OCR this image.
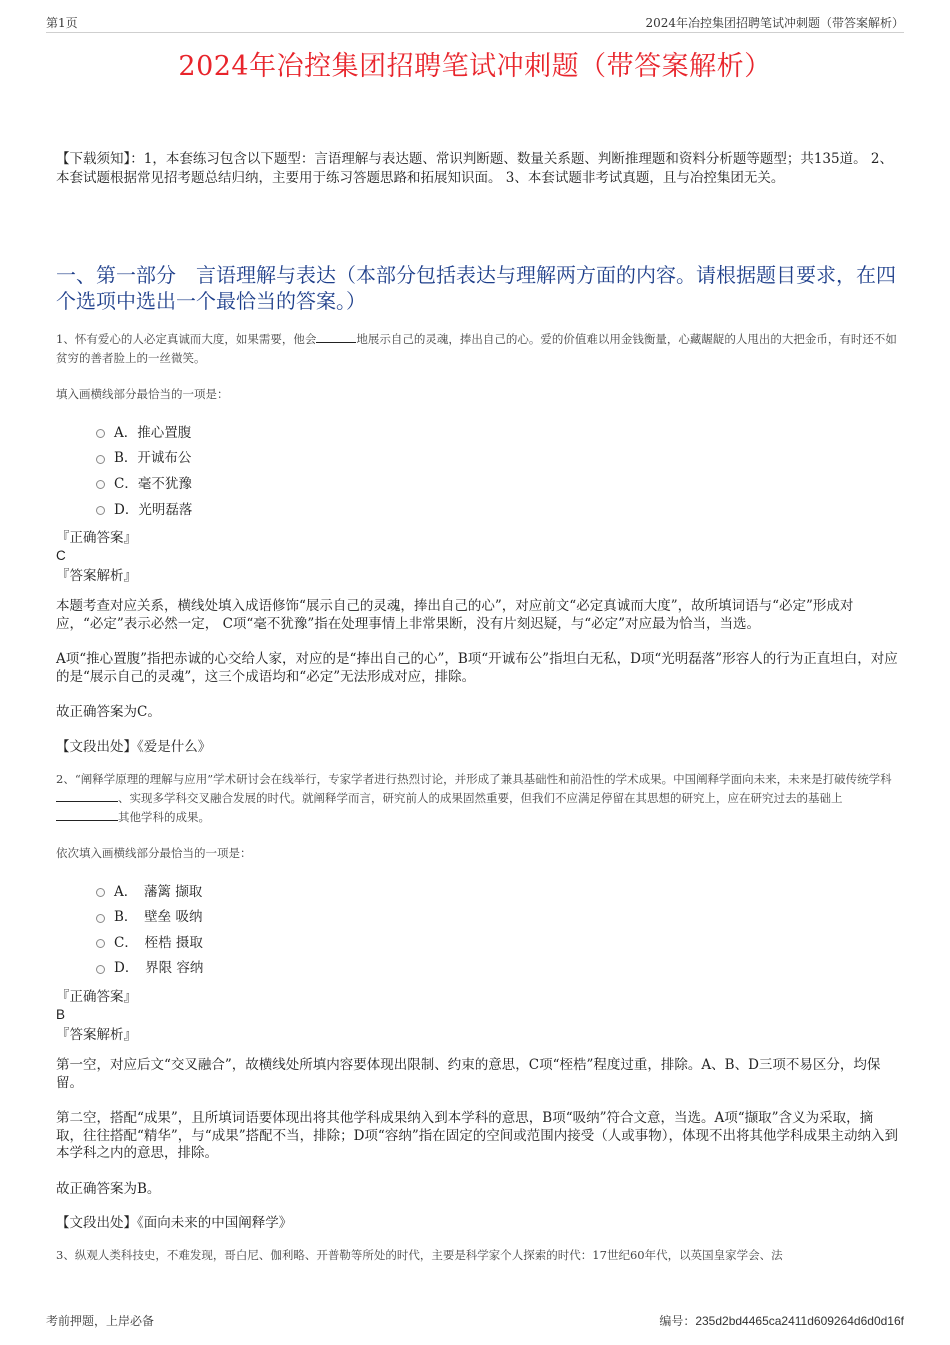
第1页	2024年冶控集团招聘笔试冲刺题（带答案解析）
2024年冶控集团招聘笔试冲刺题（带答案解析）
【下载须知】：1，本套练习包含以下题型：言语理解与表达题、常识判断题、数量关系题、判断推理题和资料分析题等题型；共135道。 2、本套试题根据常见招考题总结归纳，主要用于练习答题思路和拓展知识面。 3、本套试题非考试真题，且与冶控集团无关。
一、第一部分　言语理解与表达（本部分包括表达与理解两方面的内容。请根据题目要求，在四个选项中选出一个最恰当的答案。）
1、怀有爱心的人必定真诚而大度，如果需要，他会	地展示自己的灵魂，捧出自己的心。爱的价值难以用金钱衡量，心藏龌龊的人甩出的大把金币，有时还不如贫穷的善者脸上的一丝微笑。
填入画横线部分最恰当的一项是：
A．推心置腹
B．开诚布公
C．毫不犹豫
D．光明磊落
『正确答案』
C
『答案解析』
本题考查对应关系，横线处填入成语修饰“展示自己的灵魂，捧出自己的心”，对应前文“必定真诚而大度”，故所填词语与“必定”形成对应，“必定”表示必然一定， C项“毫不犹豫”指在处理事情上非常果断，没有片刻迟疑，与“必定”对应最为恰当，当选。
A项“推心置腹”指把赤诚的心交给人家，对应的是“捧出自己的心”，B项“开诚布公”指坦白无私，D项“光明磊落”形容人的行为正直坦白，对应的是“展示自己的灵魂”，这三个成语均和“必定”无法形成对应，排除。
故正确答案为C。
【文段出处】《爱是什么》
2、“阐释学原理的理解与应用”学术研讨会在线举行，专家学者进行热烈讨论，并形成了兼具基础性和前沿性的学术成果。中国阐释学面向未来，未来是打破传统学科 、实现多学科交叉融合发展的时代。就阐释学而言，研究前人的成果固然重要，但我们不应满足停留在其思想的研究上，应在研究过去的基础上 其他学科的成果。
依次填入画横线部分最恰当的一项是：
A．　藩篱 撷取
B．　壁垒 吸纳
C．　桎梏 摄取
D．　界限 容纳
『正确答案』
B
『答案解析』
第一空，对应后文“交叉融合”，故横线处所填内容要体现出限制、约束的意思，C项“桎梏”程度过重，排除。A、B、D三项不易区分，均保留。
第二空，搭配“成果”，且所填词语要体现出将其他学科成果纳入到本学科的意思，B项“吸纳”符合文意，当选。A项“撷取”含义为采取，摘取，往往搭配“精华”，与“成果”搭配不当，排除；D项“容纳”指在固定的空间或范围内接受（人或事物），体现不出将其他学科成果主动纳入到本学科之内的意思，排除。
故正确答案为B。
【文段出处】《面向未来的中国阐释学》
3、纵观人类科技史，不难发现，哥白尼、伽利略、开普勒等所处的时代，主要是科学家个人探索的时代：17世纪60年代，以英国皇家学会、法
考前押题，上岸必备	编号：235d2bd4465ca2411d609264d6d0d16f
